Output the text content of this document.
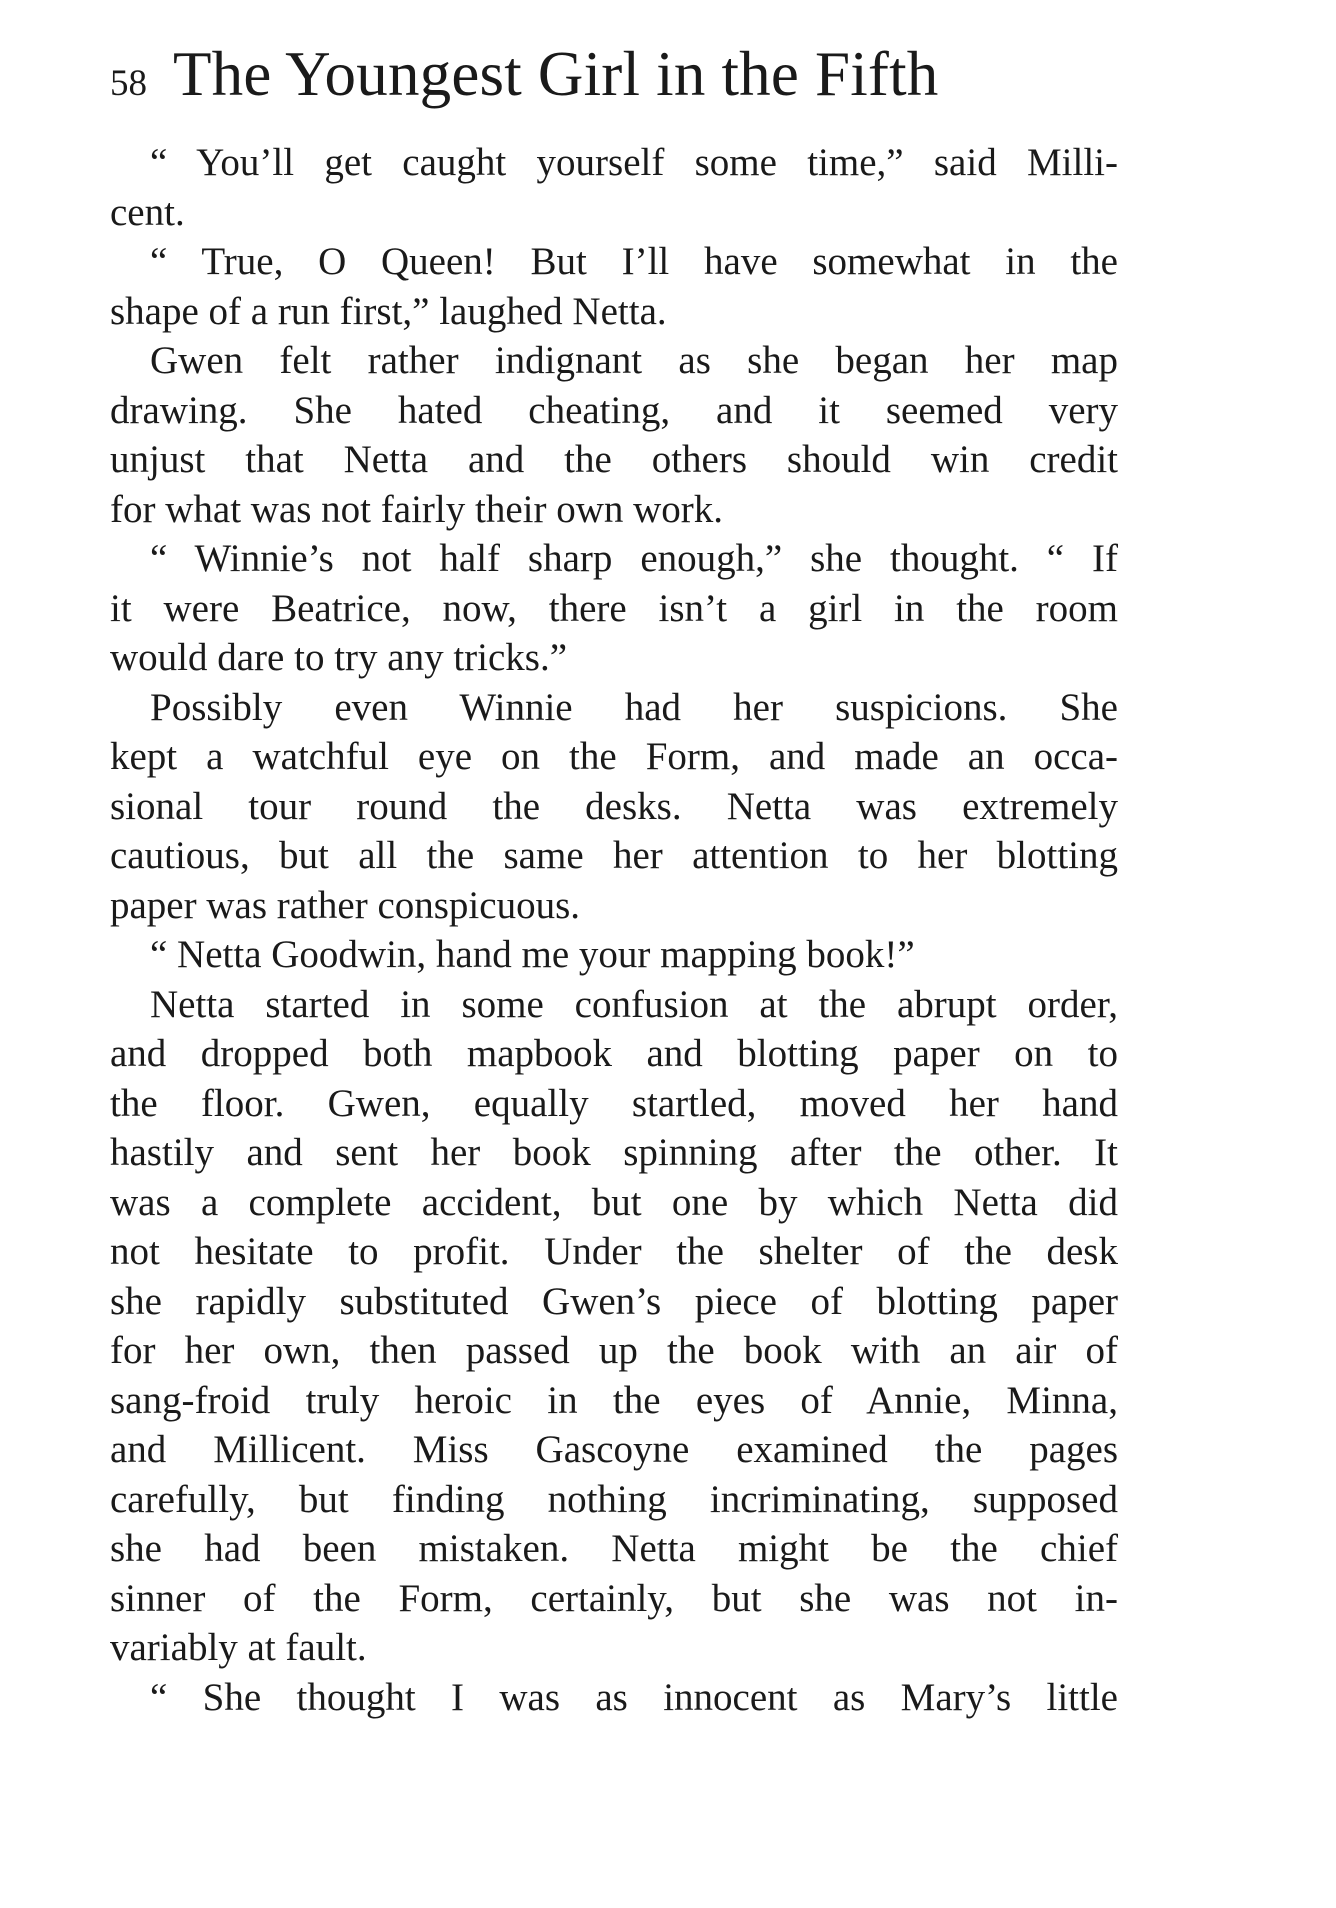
58 The Youngest Girl in the Fifth
“ You’ll get caught yourself some time,” said Milli-
cent.
“ True, O Queen! But I’ll have somewhat in the
shape of a run first,” laughed Netta.
Gwen felt rather indignant as she began her map
drawing. She hated cheating, and it seemed very
unjust that Netta and the others should win credit
for what was not fairly their own work.
“ Winnie’s not half sharp enough,” she thought. “ If
it were Beatrice, now, there isn’t a girl in the room
would dare to try any tricks.”
Possibly even Winnie had her suspicions. She
kept a watchful eye on the Form, and made an occa-
sional tour round the desks. Netta was extremely
cautious, but all the same her attention to her blotting
paper was rather conspicuous.
“ Netta Goodwin, hand me your mapping book!”
Netta started in some confusion at the abrupt order,
and dropped both mapbook and blotting paper on to
the floor. Gwen, equally startled, moved her hand
hastily and sent her book spinning after the other. It
was a complete accident, but one by which Netta did
not hesitate to profit. Under the shelter of the desk
she rapidly substituted Gwen’s piece of blotting paper
for her own, then passed up the book with an air of
sang-froid truly heroic in the eyes of Annie, Minna,
and Millicent. Miss Gascoyne examined the pages
carefully, but finding nothing incriminating, supposed
she had been mistaken. Netta might be the chief
sinner of the Form, certainly, but she was not in-
variably at fault.
“ She thought I was as innocent as Mary’s little
